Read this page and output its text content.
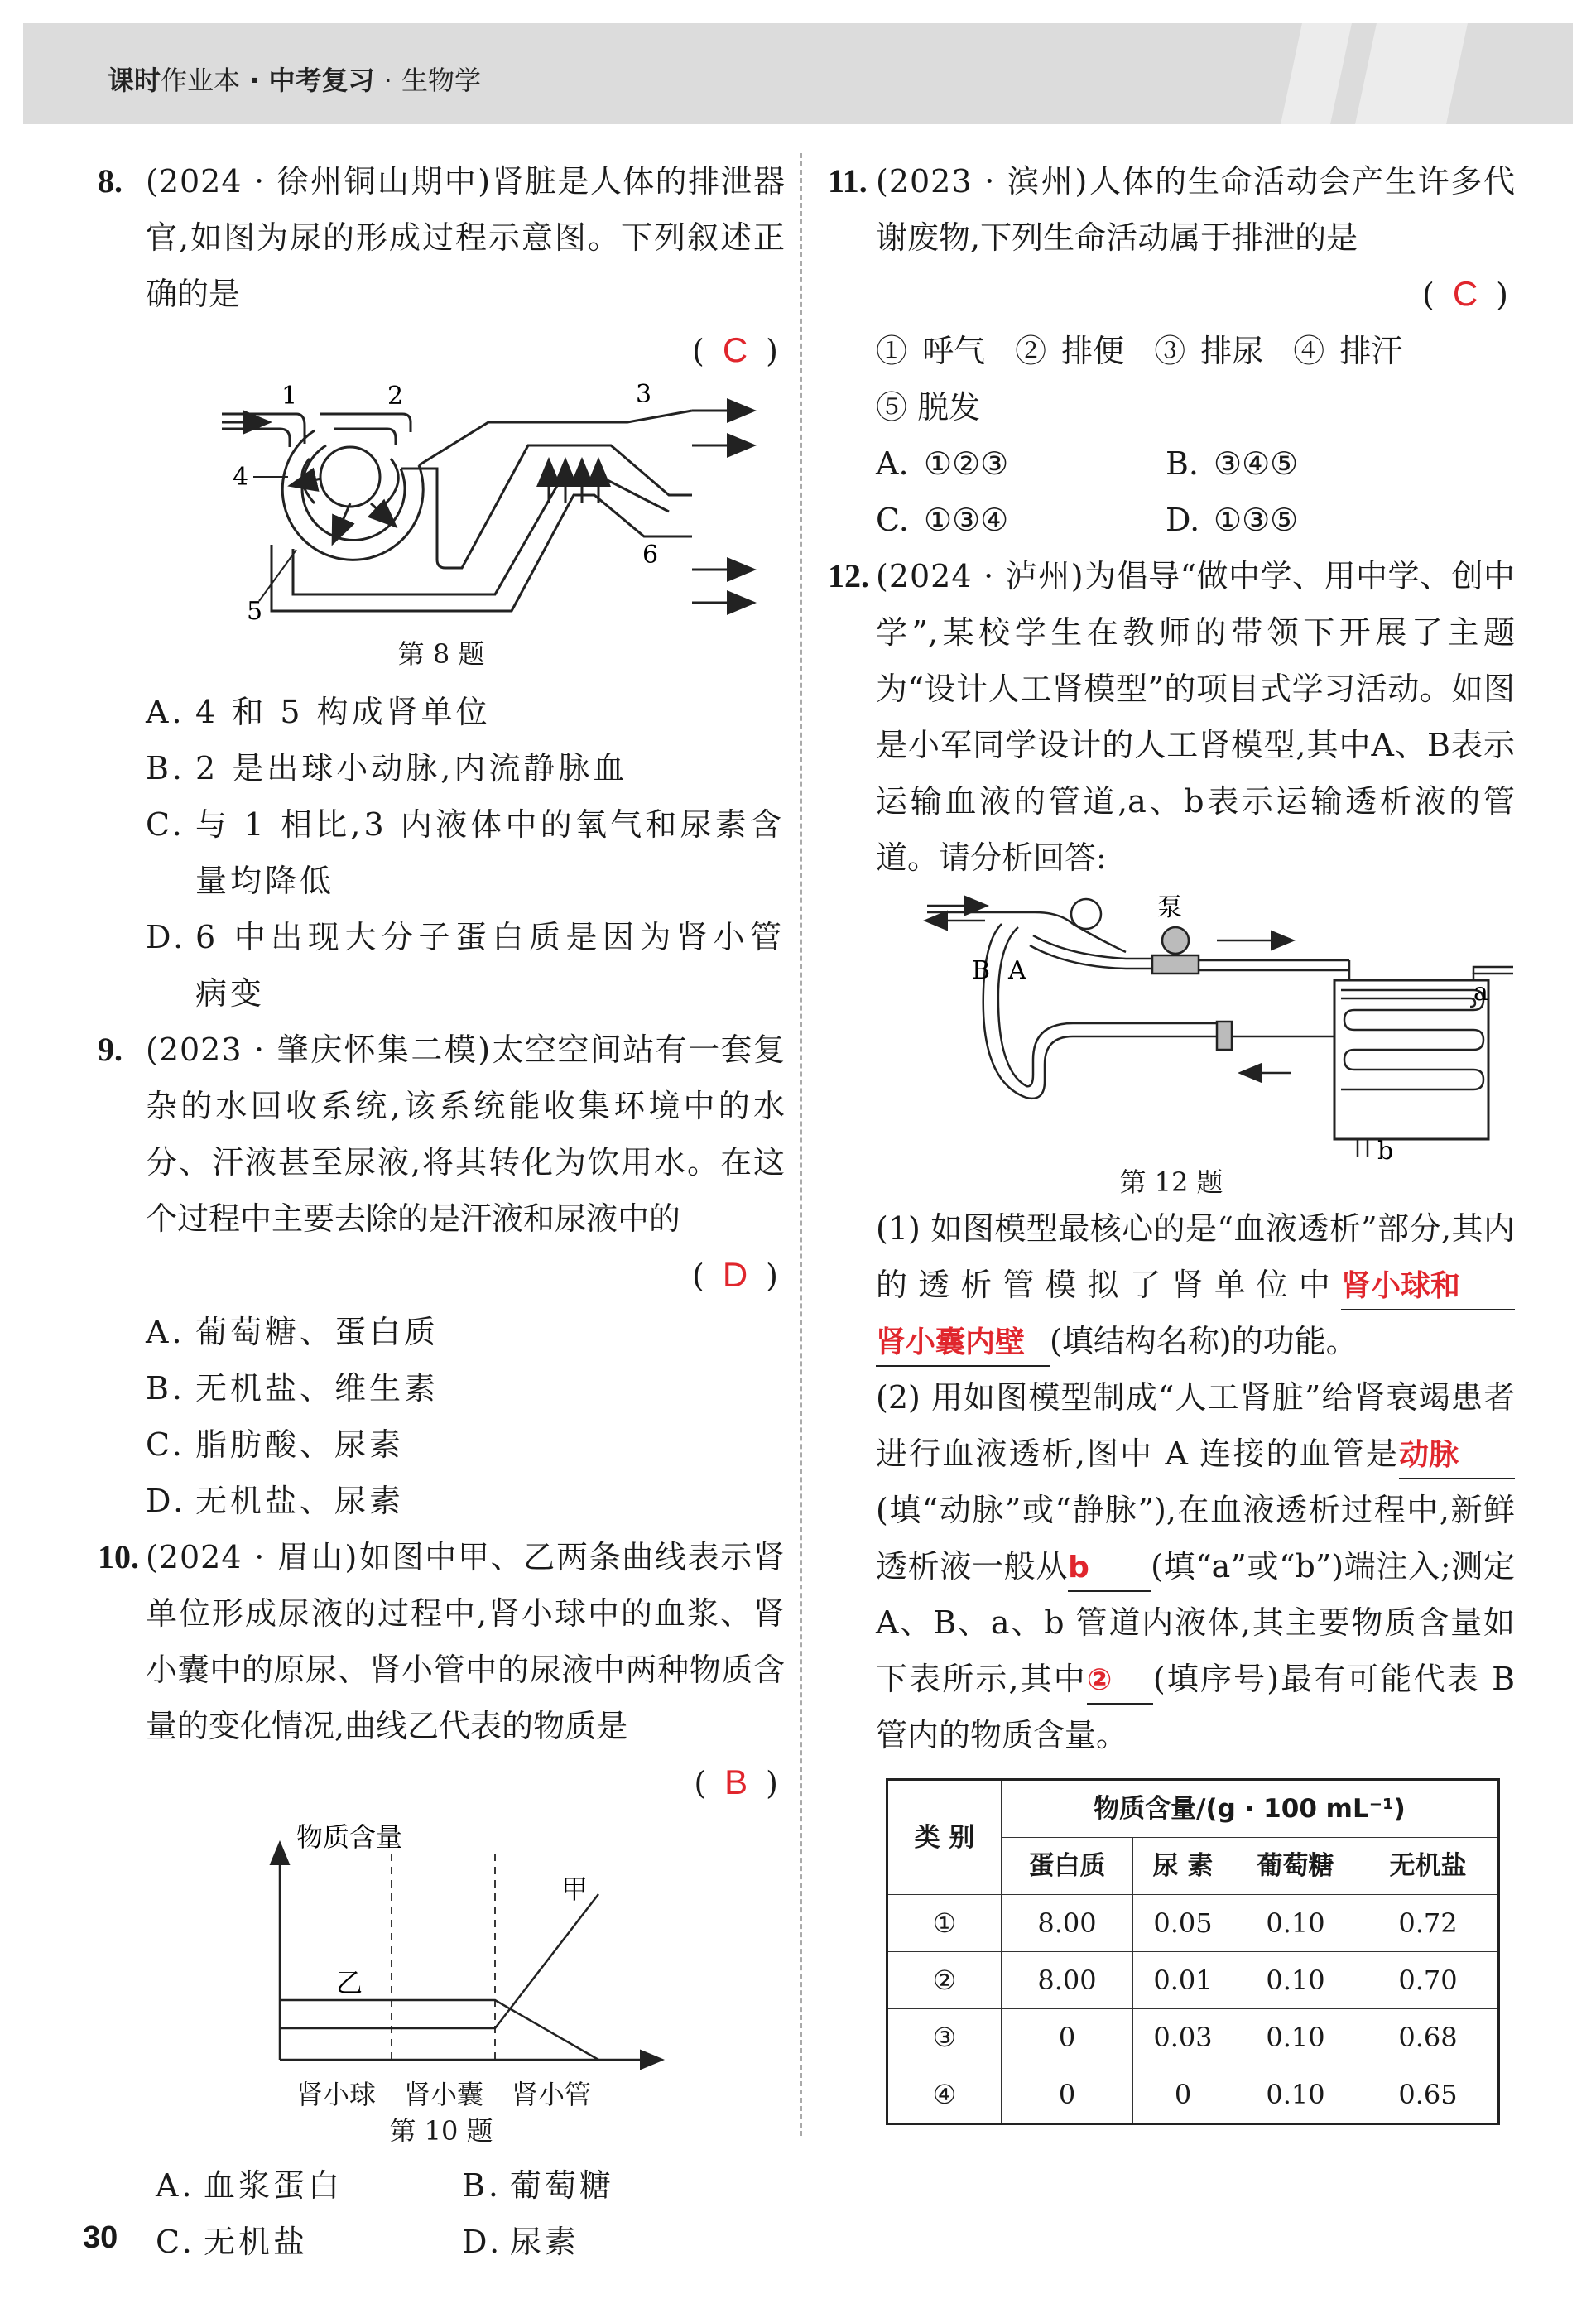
课时作业本 · 中考复习 · 生物学
8. (2024 · 徐州铜山期中)肾脏是人体的排泄器官,如图为尿的形成过程示意图。下列叙述正确的是
( C )
1	2	3
4
5
6
第 8 题
A. 4 和 5 构成肾单位
B. 2 是出球小动脉,内流静脉血
C. 与 1 相比,3 内液体中的氧气和尿素含量均降低
D. 6 中出现大分子蛋白质是因为肾小管病变
9. (2023 · 肇庆怀集二模)太空空间站有一套复杂的水回收系统,该系统能收集环境中的水分、汗液甚至尿液,将其转化为饮用水。在这个过程中主要去除的是汗液和尿液中的
( D )
A. 葡萄糖、蛋白质
B. 无机盐、维生素
C. 脂肪酸、尿素
D. 无机盐、尿素
10. (2024 · 眉山)如图中甲、乙两条曲线表示肾单位形成尿液的过程中,肾小球中的血浆、肾小囊中的原尿、肾小管中的尿液中两种物质含量的变化情况,曲线乙代表的物质是
( B )
物质含量
甲
乙
肾小球 肾小囊 肾小管
第 10 题
A. 血浆蛋白	B. 葡萄糖
C. 无机盐	D. 尿素
11. (2023 · 滨州)人体的生命活动会产生许多代谢废物,下列生命活动属于排泄的是
( C )
① 呼气 ② 排便 ③ 排尿 ④ 排汗
⑤ 脱发
A. ①②③	B. ③④⑤
C. ①③④	D. ①③⑤
12. (2024 · 泸州)为倡导“做中学、用中学、创中学”,某校学生在教师的带领下开展了主题为“设计人工肾模型”的项目式学习活动。如图是小军同学设计的人工肾模型,其中A、B表示运输血液的管道,a、b表示运输透析液的管道。请分析回答:
泵
B A
a
b
第 12 题
(1) 如图模型最核心的是“血液透析”部分,其内的透析管模拟了肾单位中肾小球和肾小囊内壁 (填结构名称)的功能。
(2) 用如图模型制成“人工肾脏”给肾衰竭患者进行血液透析,图中 A 连接的血管是动脉(填“动脉”或“静脉”),在血液透析过程中,新鲜透析液一般从b (填“a”或“b”)端注入;测定 A、B、a、b 管道内液体,其主要物质含量如下表所示,其中② (填序号)最有可能代表 B 管内的物质含量。
类 别	物质含量/(g · 100 mL⁻¹)			
	蛋白质	尿 素	葡萄糖	无机盐
①	8.00	0.05	0.10	0.72
②	8.00	0.01	0.10	0.70
③	0	0.03	0.10	0.68
④	0	0	0.10	0.65
30
